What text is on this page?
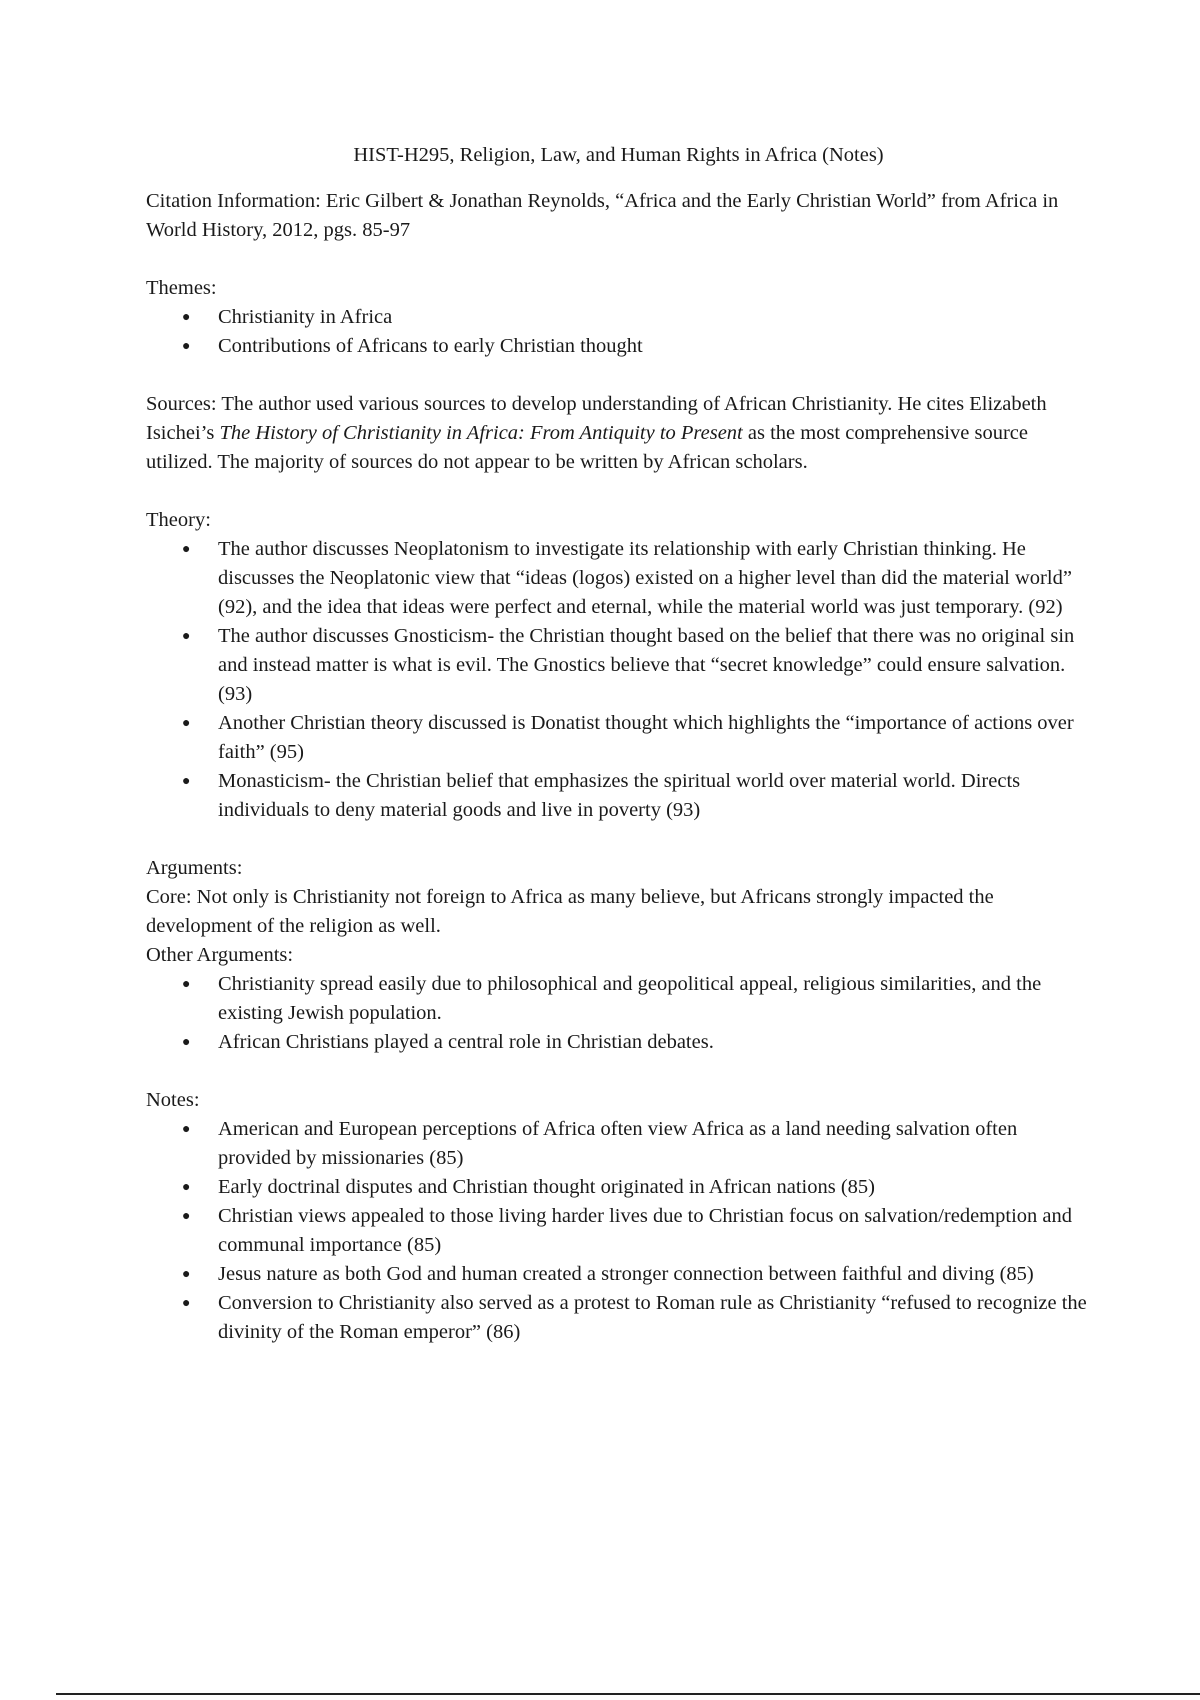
HIST-H295, Religion, Law, and Human Rights in Africa (Notes)

Citation Information: Eric Gilbert & Jonathan Reynolds, “Africa and the Early Christian World” from Africa in World History, 2012, pgs. 85-97

Themes:

● Christianity in Africa
● Contributions of Africans to early Christian thought

Sources: The author used various sources to develop understanding of African Christianity. He cites Elizabeth Isichei’s The History of Christianity in Africa: From Antiquity to Present as the most comprehensive source utilized. The majority of sources do not appear to be written by African scholars.

Theory:

● The author discusses Neoplatonism to investigate its relationship with early Christian thinking. He discusses the Neoplatonic view that “ideas (logos) existed on a higher level than did the material world” (92), and the idea that ideas were perfect and eternal, while the material world was just temporary. (92)
● The author discusses Gnosticism- the Christian thought based on the belief that there was no original sin and instead matter is what is evil. The Gnostics believe that “secret knowledge” could ensure salvation. (93)
● Another Christian theory discussed is Donatist thought which highlights the “importance of actions over faith” (95)
● Monasticism- the Christian belief that emphasizes the spiritual world over material world. Directs individuals to deny material goods and live in poverty (93)

Arguments:

Core: Not only is Christianity not foreign to Africa as many believe, but Africans strongly impacted the development of the religion as well.

Other Arguments:

● Christianity spread easily due to philosophical and geopolitical appeal, religious similarities, and the existing Jewish population.
● African Christians played a central role in Christian debates.

Notes:

● American and European perceptions of Africa often view Africa as a land needing salvation often provided by missionaries (85)
● Early doctrinal disputes and Christian thought originated in African nations (85)
● Christian views appealed to those living harder lives due to Christian focus on salvation/redemption and communal importance (85)
● Jesus nature as both God and human created a stronger connection between faithful and diving (85)
● Conversion to Christianity also served as a protest to Roman rule as Christianity “refused to recognize the divinity of the Roman emperor” (86)
